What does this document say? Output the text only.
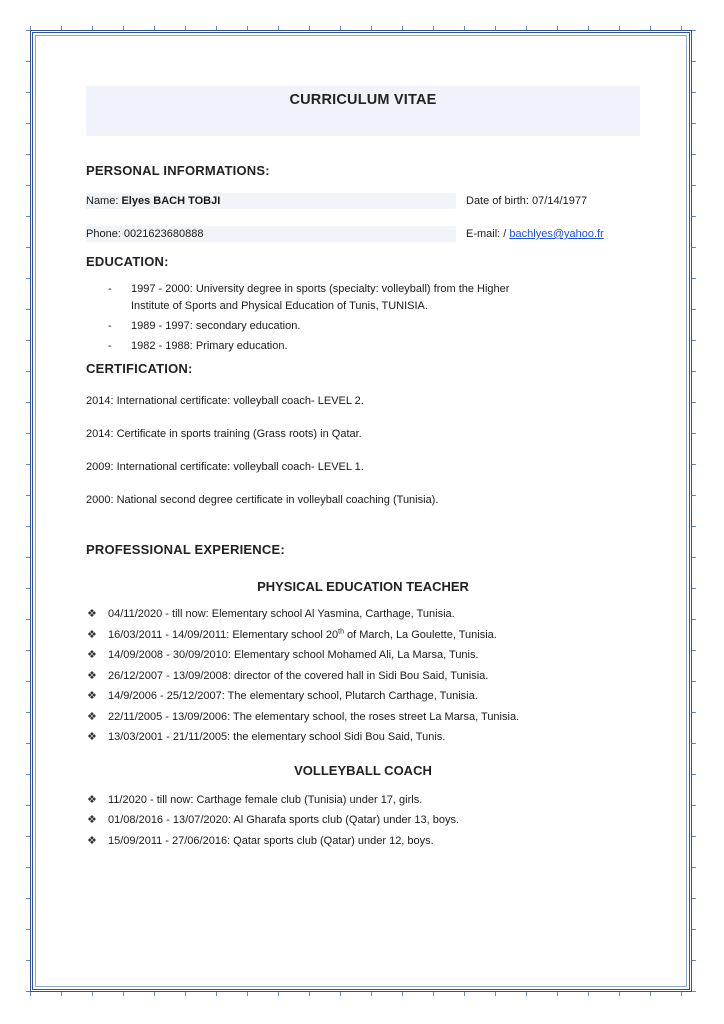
CURRICULUM VITAE
PERSONAL INFORMATIONS:
Name: Elyes BACH TOBJI	Date of birth: 07/14/1977
Phone: 0021623680888	E-mail: / bachlyes@yahoo.fr
EDUCATION:
- 1997 - 2000: University degree in sports (specialty: volleyball) from the Higher
Institute of Sports and Physical Education of Tunis, TUNISIA.
- 1989 - 1997: secondary education.
- 1982 - 1988: Primary education.
CERTIFICATION:
2014: International certificate: volleyball coach- LEVEL 2.
2014: Certificate in sports training (Grass roots) in Qatar.
2009: International certificate: volleyball coach- LEVEL 1.
2000: National second degree certificate in volleyball coaching (Tunisia).
PROFESSIONAL EXPERIENCE:
PHYSICAL EDUCATION TEACHER
❖ 04/11/2020 - till now: Elementary school Al Yasmina, Carthage, Tunisia.
❖ 16/03/2011 - 14/09/2011: Elementary school 20th of March, La Goulette, Tunisia.
❖ 14/09/2008 - 30/09/2010: Elementary school Mohamed Ali, La Marsa, Tunis.
❖ 26/12/2007 - 13/09/2008: director of the covered hall in Sidi Bou Said, Tunisia.
❖ 14/9/2006 - 25/12/2007: The elementary school, Plutarch Carthage, Tunisia.
❖ 22/11/2005 - 13/09/2006: The elementary school, the roses street La Marsa, Tunisia.
❖ 13/03/2001 - 21/11/2005: the elementary school Sidi Bou Said, Tunis.
VOLLEYBALL COACH
❖ 11/2020 - till now: Carthage female club (Tunisia) under 17, girls.
❖ 01/08/2016 - 13/07/2020: Al Gharafa sports club (Qatar) under 13, boys.
❖ 15/09/2011 - 27/06/2016: Qatar sports club (Qatar) under 12, boys.
